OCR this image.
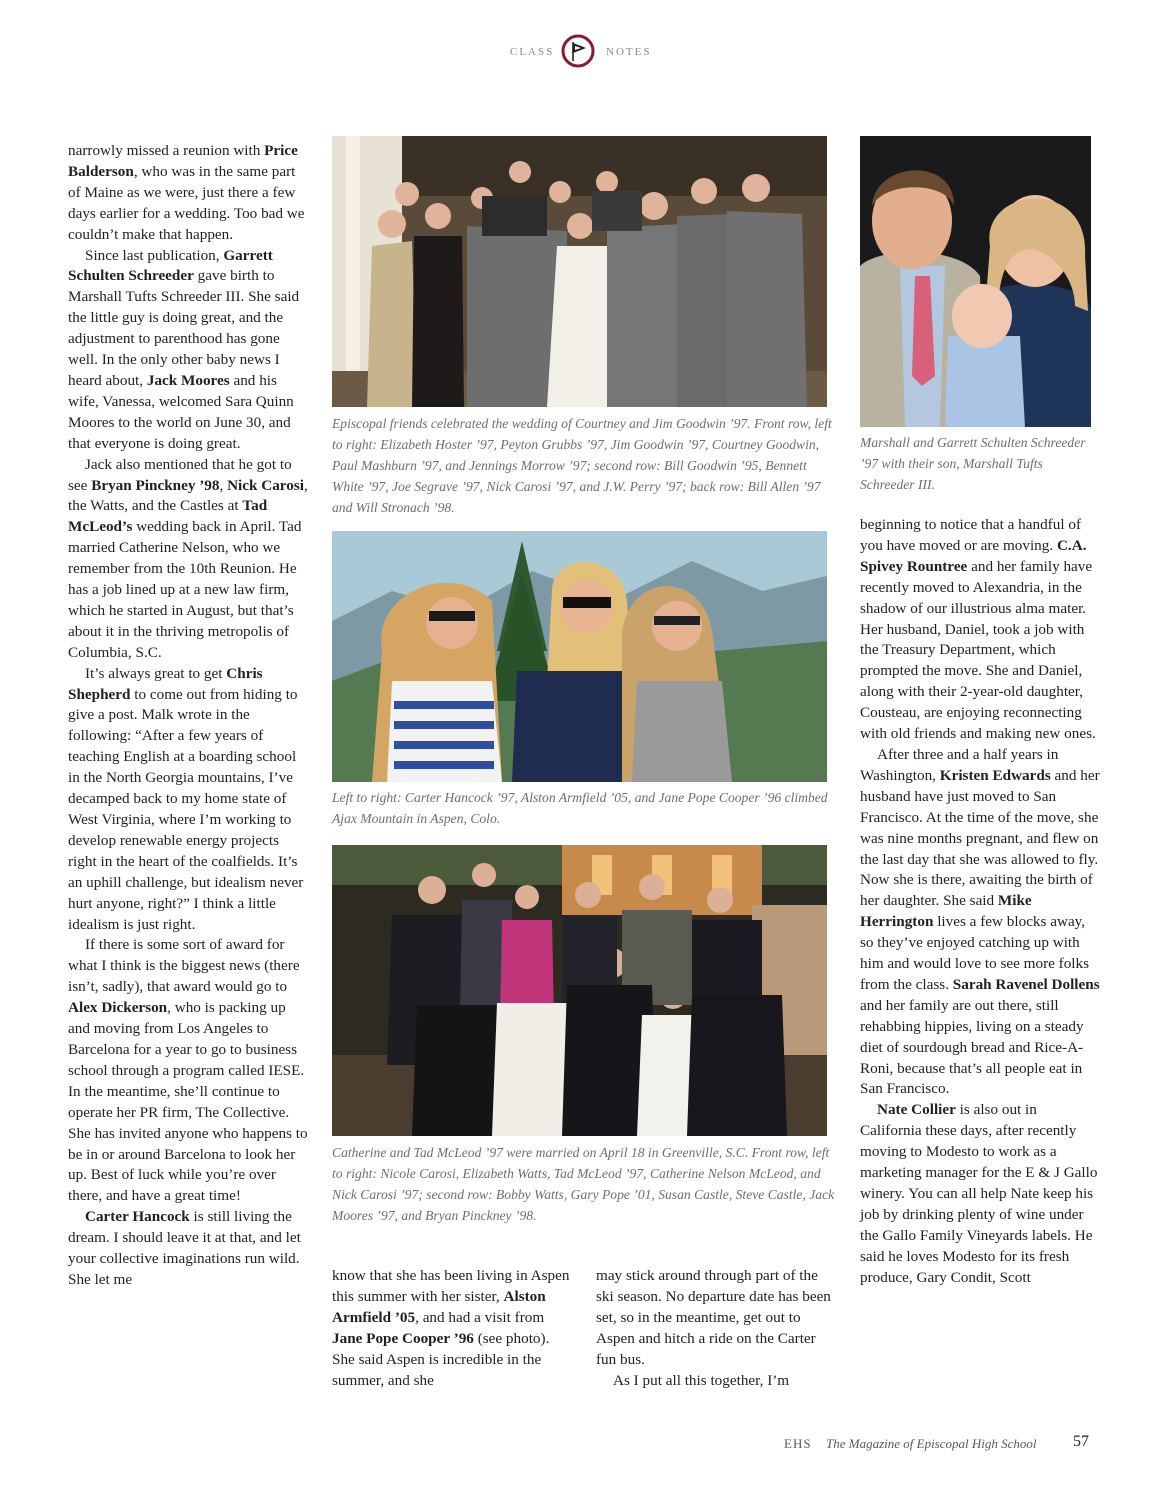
CLASS	NOTES

narrowly missed a reunion with Price Balderson, who was in the same part of Maine as we were, just there a few days earlier for a wedding. Too bad we couldn’t make that happen.

Since last publication, Garrett Schulten Schreeder gave birth to Marshall Tufts Schreeder III. She said the little guy is doing great, and the adjustment to parenthood has gone well. In the only other baby news I heard about, Jack Moores and his wife, Vanessa, welcomed Sara Quinn Moores to the world on June 30, and that everyone is doing great.

Jack also mentioned that he got to see Bryan Pinckney ’98, Nick Carosi, the Watts, and the Castles at Tad McLeod’s wedding back in April. Tad married Catherine Nelson, who we remember from the 10th Reunion. He has a job lined up at a new law firm, which he started in August, but that’s about it in the thriving metropolis of Columbia, S.C.

It’s always great to get Chris Shepherd to come out from hiding to give a post. Malk wrote in the following: “After a few years of teaching English at a boarding school in the North Georgia mountains, I’ve decamped back to my home state of West Virginia, where I’m working to develop renewable energy projects right in the heart of the coalfields. It’s an uphill challenge, but idealism never hurt anyone, right?” I think a little idealism is just right.

If there is some sort of award for what I think is the biggest news (there isn’t, sadly), that award would go to Alex Dickerson, who is packing up and moving from Los Angeles to Barcelona for a year to go to business school through a program called IESE. In the meantime, she’ll continue to operate her PR firm, The Collective. She has invited anyone who happens to be in or around Barcelona to look her up. Best of luck while you’re over there, and have a great time!

Carter Hancock is still living the dream. I should leave it at that, and let your collective imaginations run wild. She let me

Episcopal friends celebrated the wedding of Courtney and Jim Goodwin ’97. Front row, left to right: Elizabeth Hoster ’97, Peyton Grubbs ’97, Jim Goodwin ’97, Courtney Goodwin, Paul Mashburn ’97, and Jennings Morrow ’97; second row: Bill Goodwin ’95, Bennett White ’97, Joe Segrave ’97, Nick Carosi ’97, and J.W. Perry ’97; back row: Bill Allen ’97 and Will Stronach ’98.
Left to right: Carter Hancock ’97, Alston Armfield ’05, and Jane Pope Cooper ’96 climbed Ajax Mountain in Aspen, Colo.
Catherine and Tad McLeod ’97 were married on April 18 in Greenville, S.C. Front row, left to right: Nicole Carosi, Elizabeth Watts, Tad McLeod ’97, Catherine Nelson McLeod, and Nick Carosi ’97; second row: Bobby Watts, Gary Pope ’01, Susan Castle, Steve Castle, Jack Moores ’97, and Bryan Pinckney ’98.
Marshall and Garrett Schulten Schreeder ’97 with their son, Marshall Tufts Schreeder III.

know that she has been living in Aspen this summer with her sister, Alston Armfield ’05, and had a visit from Jane Pope Cooper ’96 (see photo). She said Aspen is incredible in the summer, and she

may stick around through part of the ski season. No departure date has been set, so in the meantime, get out to Aspen and hitch a ride on the Carter fun bus.

As I put all this together, I’m

beginning to notice that a handful of you have moved or are moving. C.A. Spivey Rountree and her family have recently moved to Alexandria, in the shadow of our illustrious alma mater. Her husband, Daniel, took a job with the Treasury Department, which prompted the move. She and Daniel, along with their 2-year-old daughter, Cousteau, are enjoying reconnecting with old friends and making new ones.

After three and a half years in Washington, Kristen Edwards and her husband have just moved to San Francisco. At the time of the move, she was nine months pregnant, and flew on the last day that she was allowed to fly. Now she is there, awaiting the birth of her daughter. She said Mike Herrington lives a few blocks away, so they’ve enjoyed catching up with him and would love to see more folks from the class. Sarah Ravenel Dollens and her family are out there, still rehabbing hippies, living on a steady diet of sourdough bread and Rice-A-Roni, because that’s all people eat in San Francisco.

Nate Collier is also out in California these days, after recently moving to Modesto to work as a marketing manager for the E & J Gallo winery. You can all help Nate keep his job by drinking plenty of wine under the Gallo Family Vineyards labels. He said he loves Modesto for its fresh produce, Gary Condit, Scott

EHS The Magazine of Episcopal High School 57
